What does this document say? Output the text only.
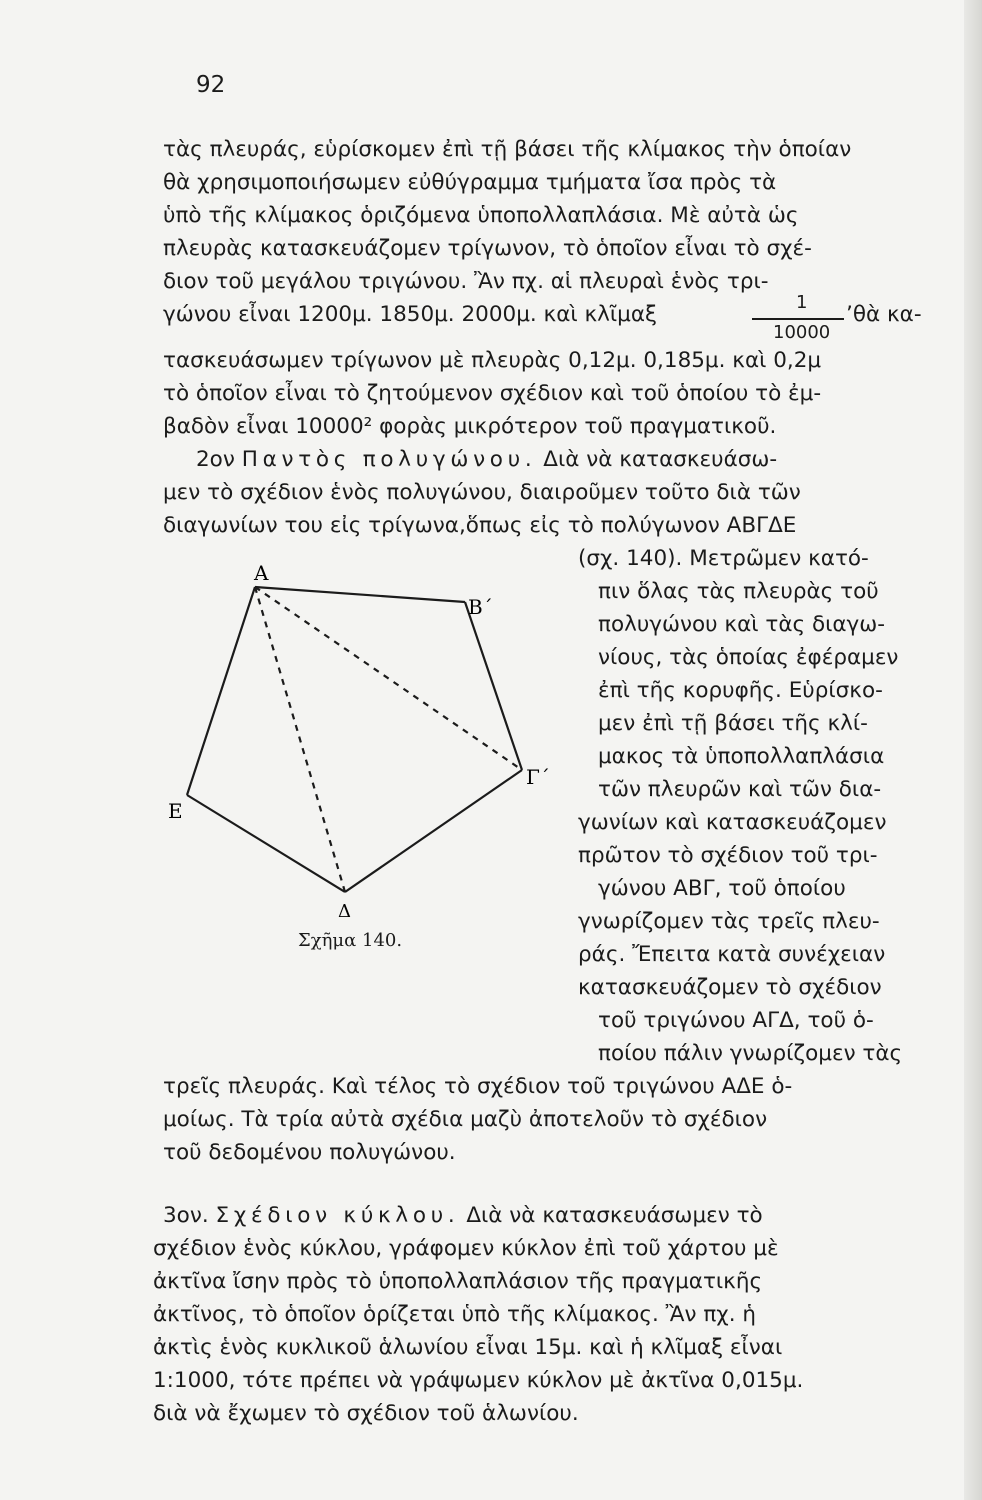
92
τὰς πλευράς, εὑρίσκομεν ἐπὶ τῇ βάσει τῆς κλίμακος τὴν ὁποίαν
θὰ χρησιμοποιήσωμεν εὐθύγραμμα τμήματα ἴσα πρὸς τὰ
ὑπὸ τῆς κλίμακος ὁριζόμενα ὑποπολλαπλάσια. Μὲ αὐτὰ ὡς
πλευρὰς κατασκευάζομεν τρίγωνον, τὸ ὁποῖον εἶναι τὸ σχέ-
διον τοῦ μεγάλου τριγώνου. Ἂν πχ. αἱ πλευραὶ ἑνὸς τρι-
γώνου εἶναι 1200μ. 1850μ. 2000μ. καὶ κλῖμαξ	1
10000
’θὰ κα-
τασκευάσωμεν τρίγωνον μὲ πλευρὰς 0,12μ. 0,185μ. καὶ 0,2μ
τὸ ὁποῖον εἶναι τὸ ζητούμενον σχέδιον καὶ τοῦ ὁποίου τὸ ἐμ-
βαδὸν εἶναι 10000² φορὰς μικρότερον τοῦ πραγματικοῦ.
2ον Παντὸς πολυγώνου. Διὰ νὰ κατασκευάσω-
μεν τὸ σχέδιον ἑνὸς πολυγώνου, διαιροῦμεν τοῦτο διὰ τῶν
διαγωνίων του εἰς τρίγωνα,ὅπως εἰς τὸ πολύγωνον ΑΒΓΔΕ
(σχ. 140). Μετρῶμεν κατό-
πιν ὅλας τὰς πλευρὰς τοῦ
πολυγώνου καὶ τὰς διαγω-
νίους, τὰς ὁποίας ἐφέραμεν
ἐπὶ τῆς κορυφῆς. Εὑρίσκο-
μεν ἐπὶ τῇ βάσει τῆς κλί-
μακος τὰ ὑποπολλαπλάσια
τῶν πλευρῶν καὶ τῶν δια-
γωνίων καὶ κατασκευάζομεν
πρῶτον τὸ σχέδιον τοῦ τρι-
γώνου ΑΒΓ, τοῦ ὁποίου
γνωρίζομεν τὰς τρεῖς πλευ-
ράς. Ἔπειτα κατὰ συνέχειαν
κατασκευάζομεν τὸ σχέδιον
τοῦ τριγώνου ΑΓΔ, τοῦ ὁ-
ποίου πάλιν γνωρίζομεν τὰς
τρεῖς πλευράς. Καὶ τέλος τὸ σχέδιον τοῦ τριγώνου ΑΔΕ ὁ-
μοίως. Τὰ τρία αὐτὰ σχέδια μαζὺ ἀποτελοῦν τὸ σχέδιον
τοῦ δεδομένου πολυγώνου.
Α
Β΄
Γ΄
Δ
Ε
Σχῆμα 140.
3ον. Σχέδιον κύκλου. Διὰ νὰ κατασκευάσωμεν τὸ
σχέδιον ἑνὸς κύκλου, γράφομεν κύκλον ἐπὶ τοῦ χάρτου μὲ
ἀκτῖνα ἴσην πρὸς τὸ ὑποπολλαπλάσιον τῆς πραγματικῆς
ἀκτῖνος, τὸ ὁποῖον ὁρίζεται ὑπὸ τῆς κλίμακος. Ἂν πχ. ἡ
ἀκτὶς ἑνὸς κυκλικοῦ ἁλωνίου εἶναι 15μ. καὶ ἡ κλῖμαξ εἶναι
1:1000, τότε πρέπει νὰ γράψωμεν κύκλον μὲ ἀκτῖνα 0,015μ.
διὰ νὰ ἔχωμεν τὸ σχέδιον τοῦ ἁλωνίου.
